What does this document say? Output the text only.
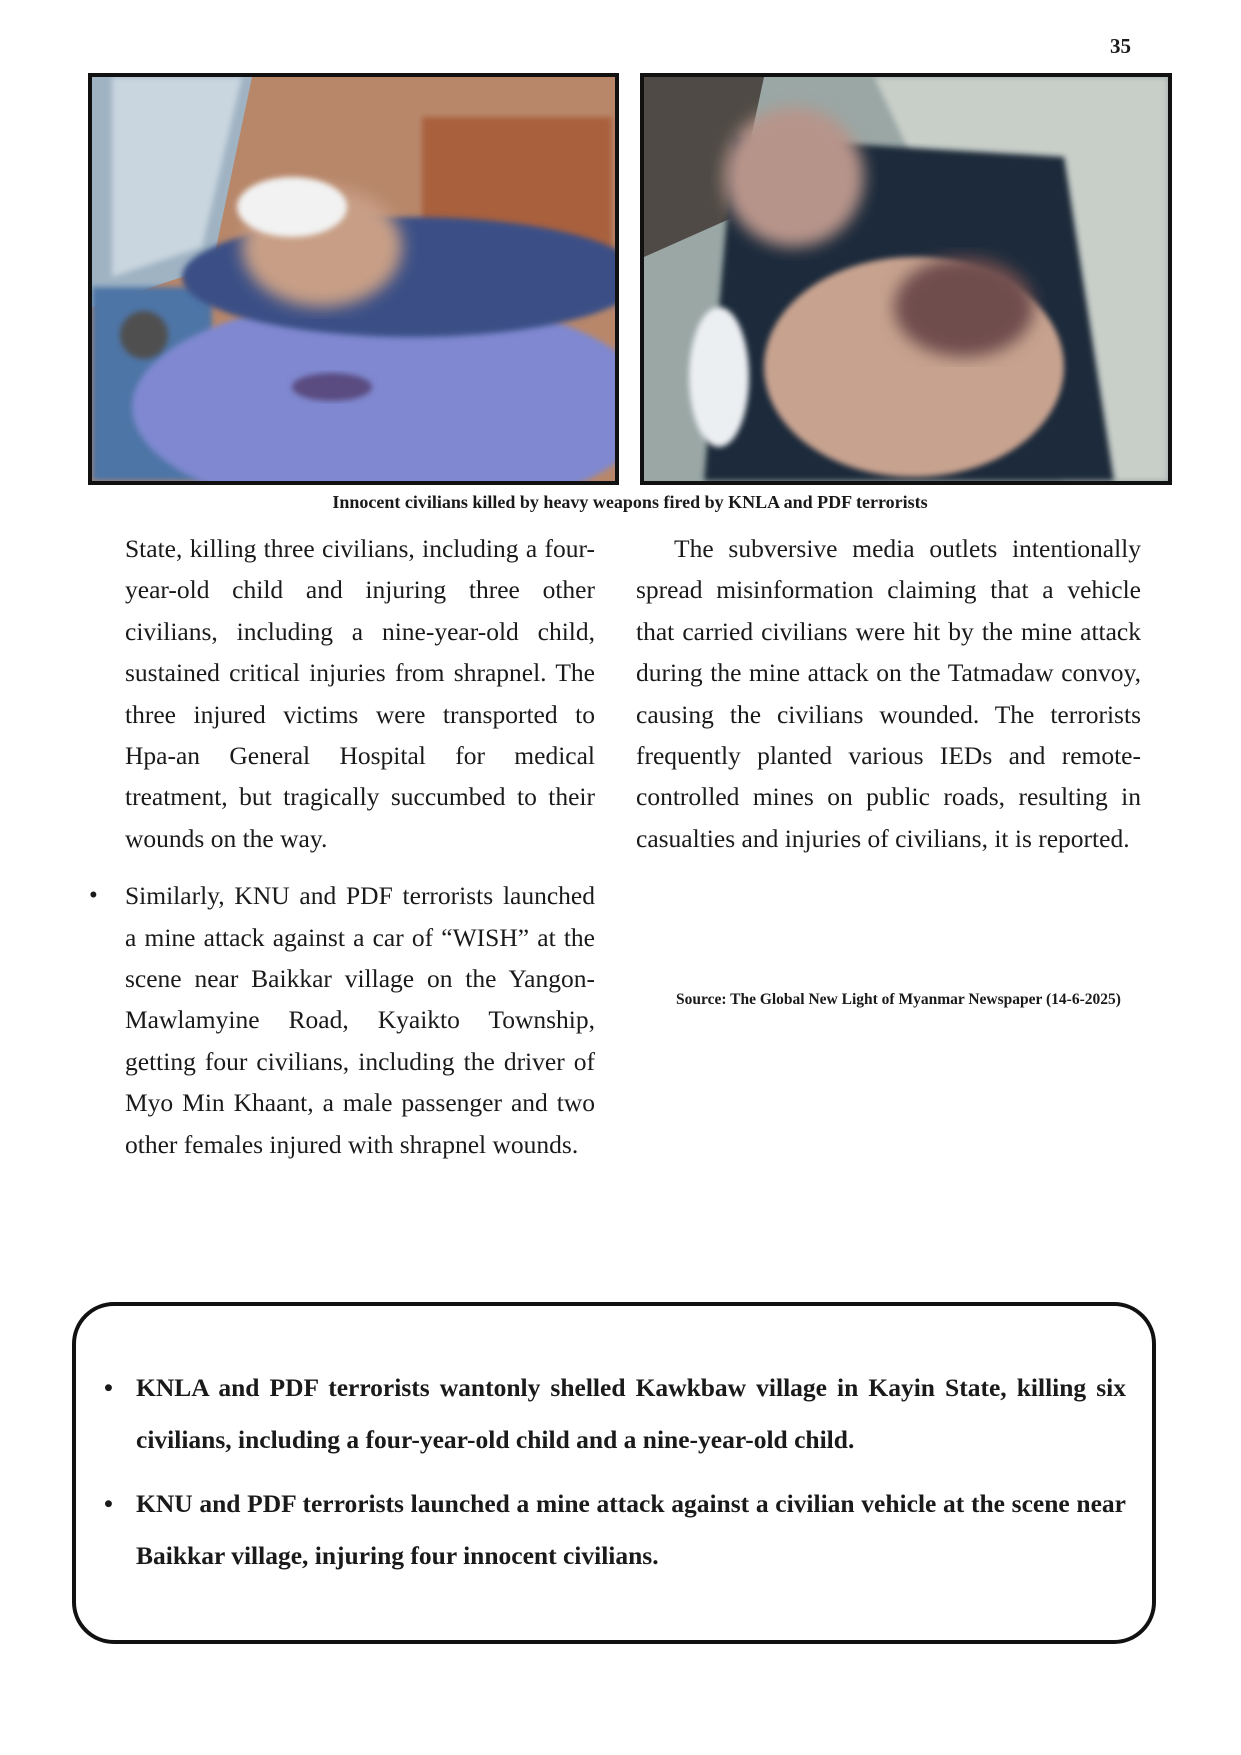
35
Innocent civilians killed by heavy weapons fired by KNLA and PDF terrorists

State, killing three civilians, including a four-year-old child and injuring three other civilians, including a nine-year-old child, sustained critical injuries from shrapnel. The three injured victims were transported to Hpa-an General Hospital for medical treatment, but tragically succumbed to their wounds on the way.

• Similarly, KNU and PDF terrorists launched a mine attack against a car of “WISH” at the scene near Baikkar village on the Yangon-Mawlamyine Road, Kyaikto Township, getting four civilians, including the driver of Myo Min Khaant, a male passenger and two other females injured with shrapnel wounds.

The subversive media outlets intentionally spread misinformation claiming that a vehicle that carried civilians were hit by the mine attack during the mine attack on the Tatmadaw convoy, causing the civilians wounded. The terrorists frequently planted various IEDs and remote-controlled mines on public roads, resulting in casualties and injuries of civilians, it is reported.

Source: The Global New Light of Myanmar Newspaper (14-6-2025)
• KNLA and PDF terrorists wantonly shelled Kawkbaw village in Kayin State, killing six civilians, including a four-year-old child and a nine-year-old child.
• KNU and PDF terrorists launched a mine attack against a civilian vehicle at the scene near Baikkar village, injuring four innocent civilians.
